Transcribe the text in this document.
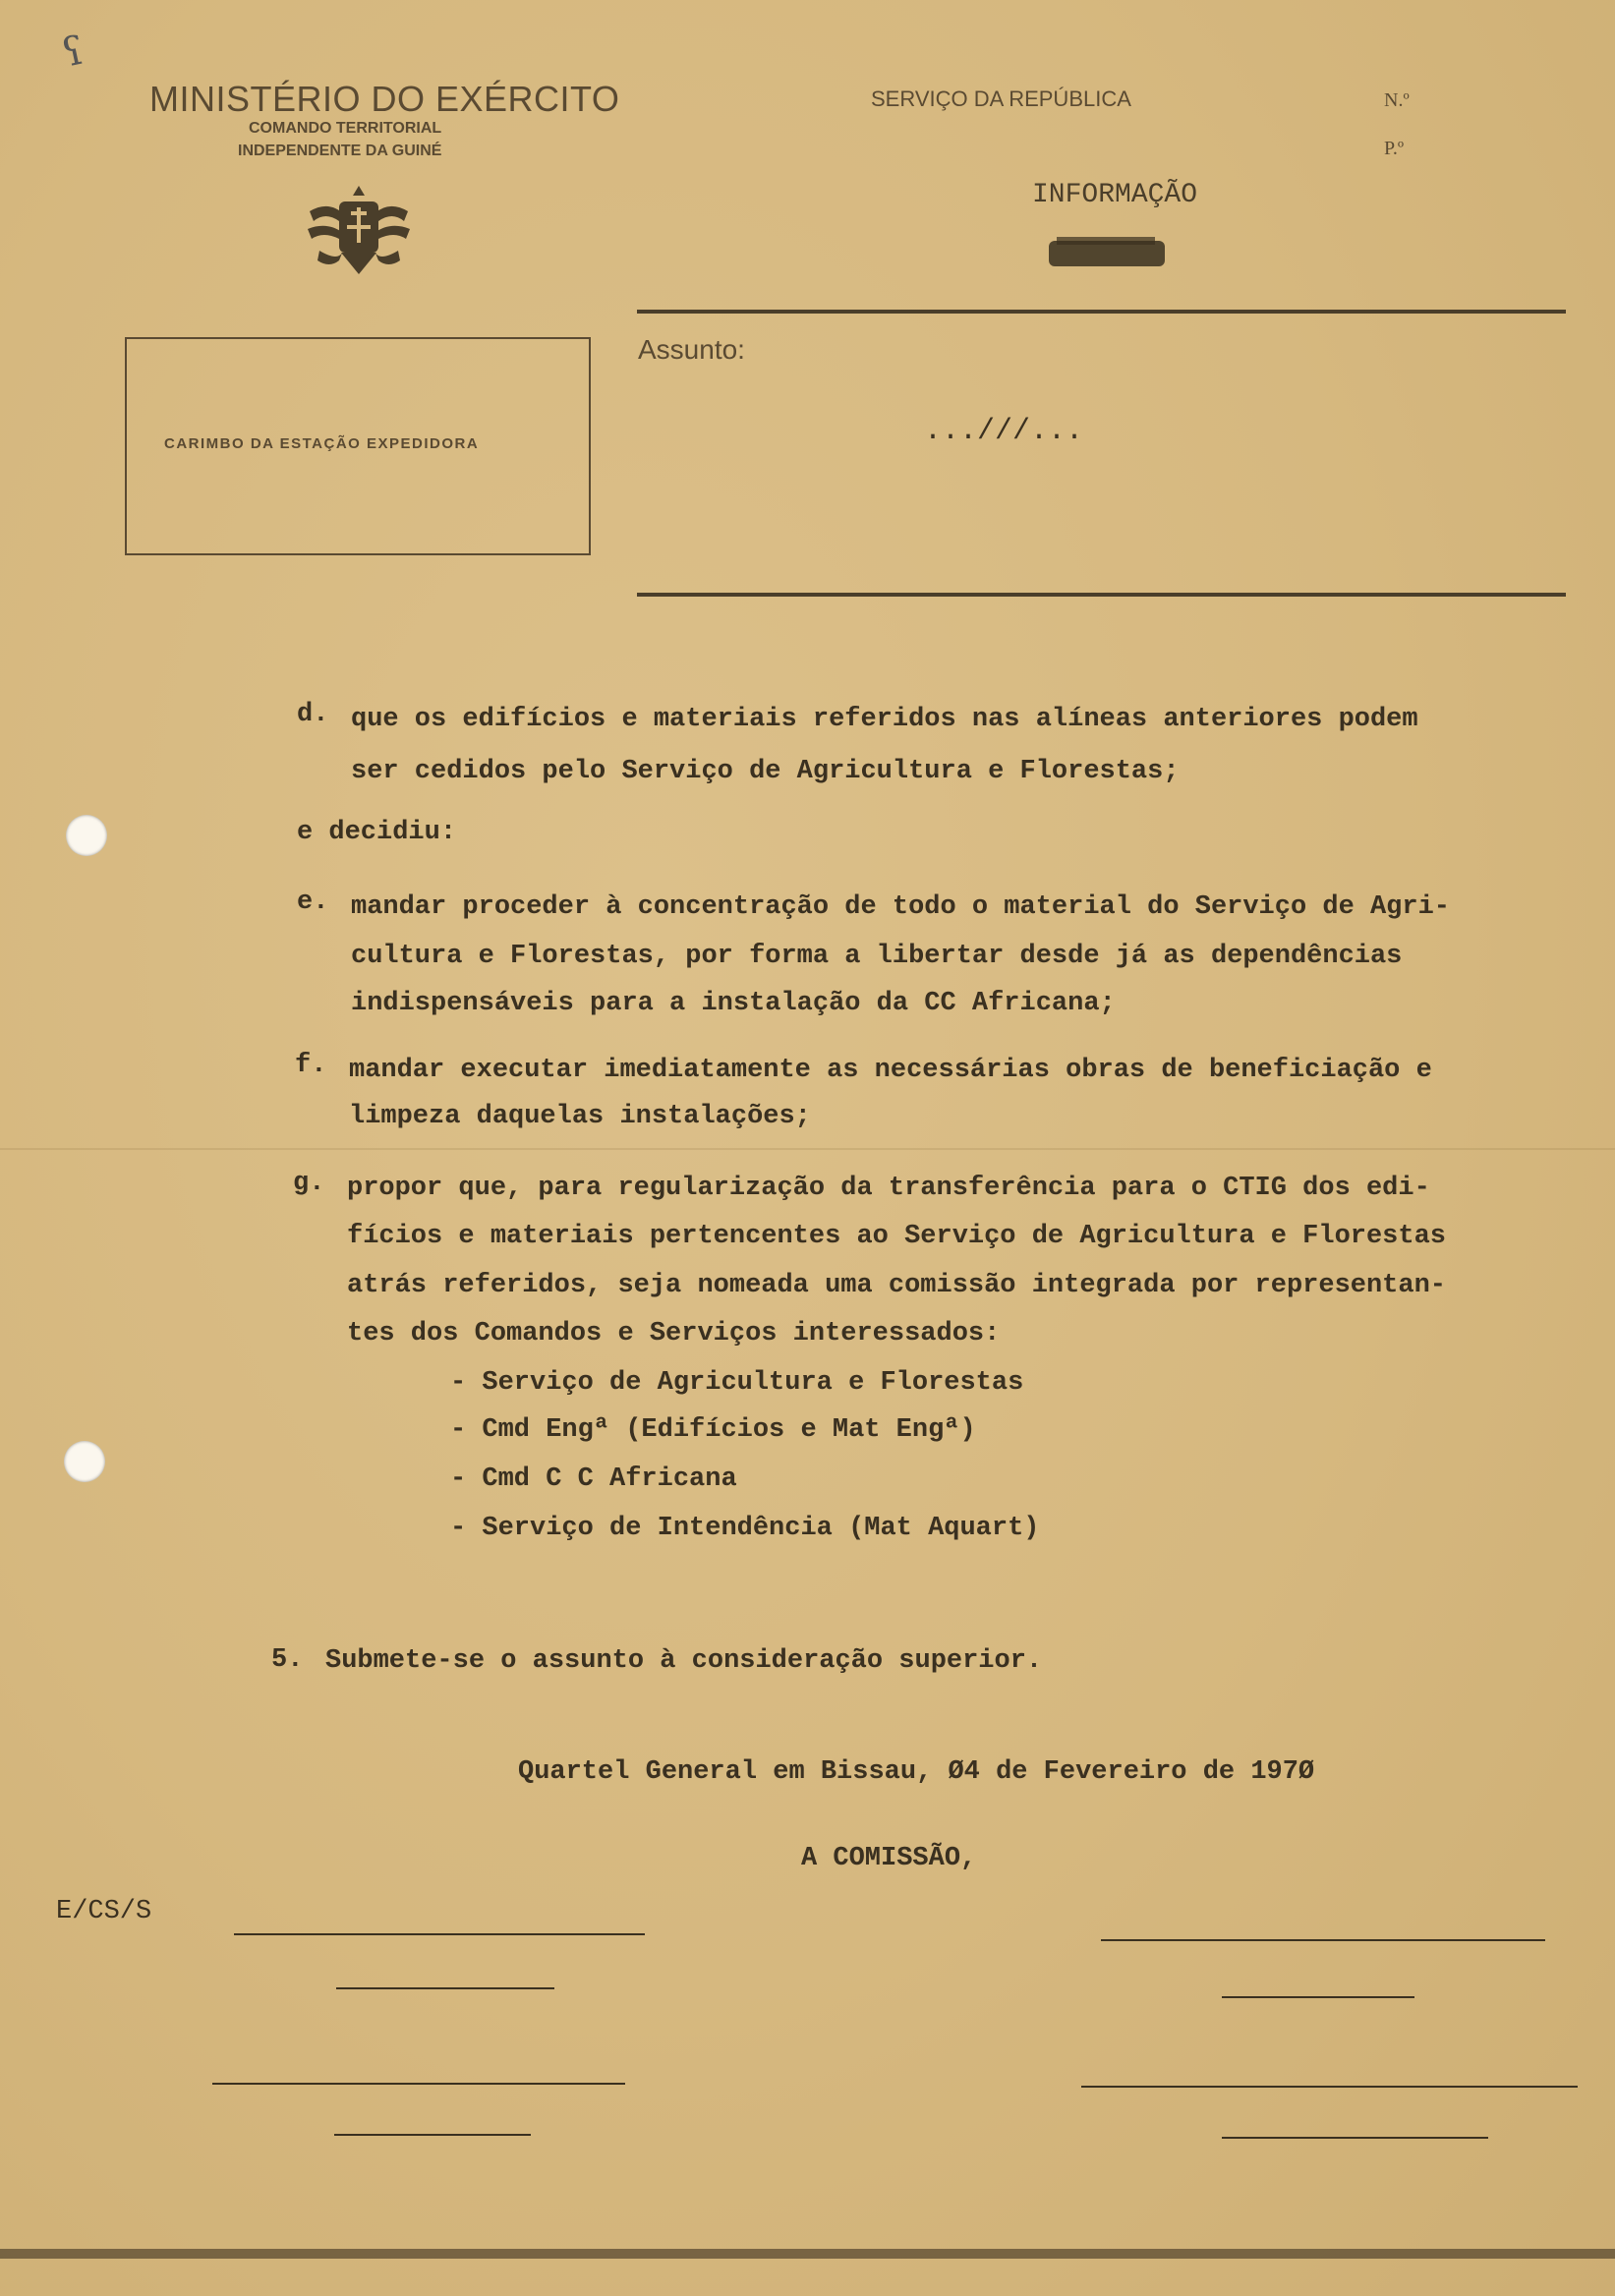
ʕ
MINISTÉRIO DO EXÉRCITO
COMANDO TERRITORIAL
INDEPENDENTE DA GUINÉ
SERVIÇO DA REPÚBLICA	N.º
P.º
INFORMAÇÃO
CARIMBO DA ESTAÇÃO EXPEDIDORA
Assunto:
...///...
d. que os edifícios e materiais referidos nas alíneas anteriores podem
ser cedidos pelo Serviço de Agricultura e Florestas;
e decidiu:
e. mandar proceder à concentração de todo o material do Serviço de Agri-
cultura e Florestas, por forma a libertar desde já as dependências
indispensáveis para a instalação da CC Africana;
f. mandar executar imediatamente as necessárias obras de beneficiação e
limpeza daquelas instalações;
g. propor que, para regularização da transferência para o CTIG dos edi-
fícios e materiais pertencentes ao Serviço de Agricultura e Florestas
atrás referidos, seja nomeada uma comissão integrada por representan-
tes dos Comandos e Serviços interessados:
- Serviço de Agricultura e Florestas
- Cmd Engª (Edifícios e Mat Engª)
- Cmd C C Africana
- Serviço de Intendência (Mat Aquart)
5. Submete-se o assunto à consideração superior.
Quartel General em Bissau, Ø4 de Fevereiro de 197Ø
A COMISSÃO,
E/CS/S
